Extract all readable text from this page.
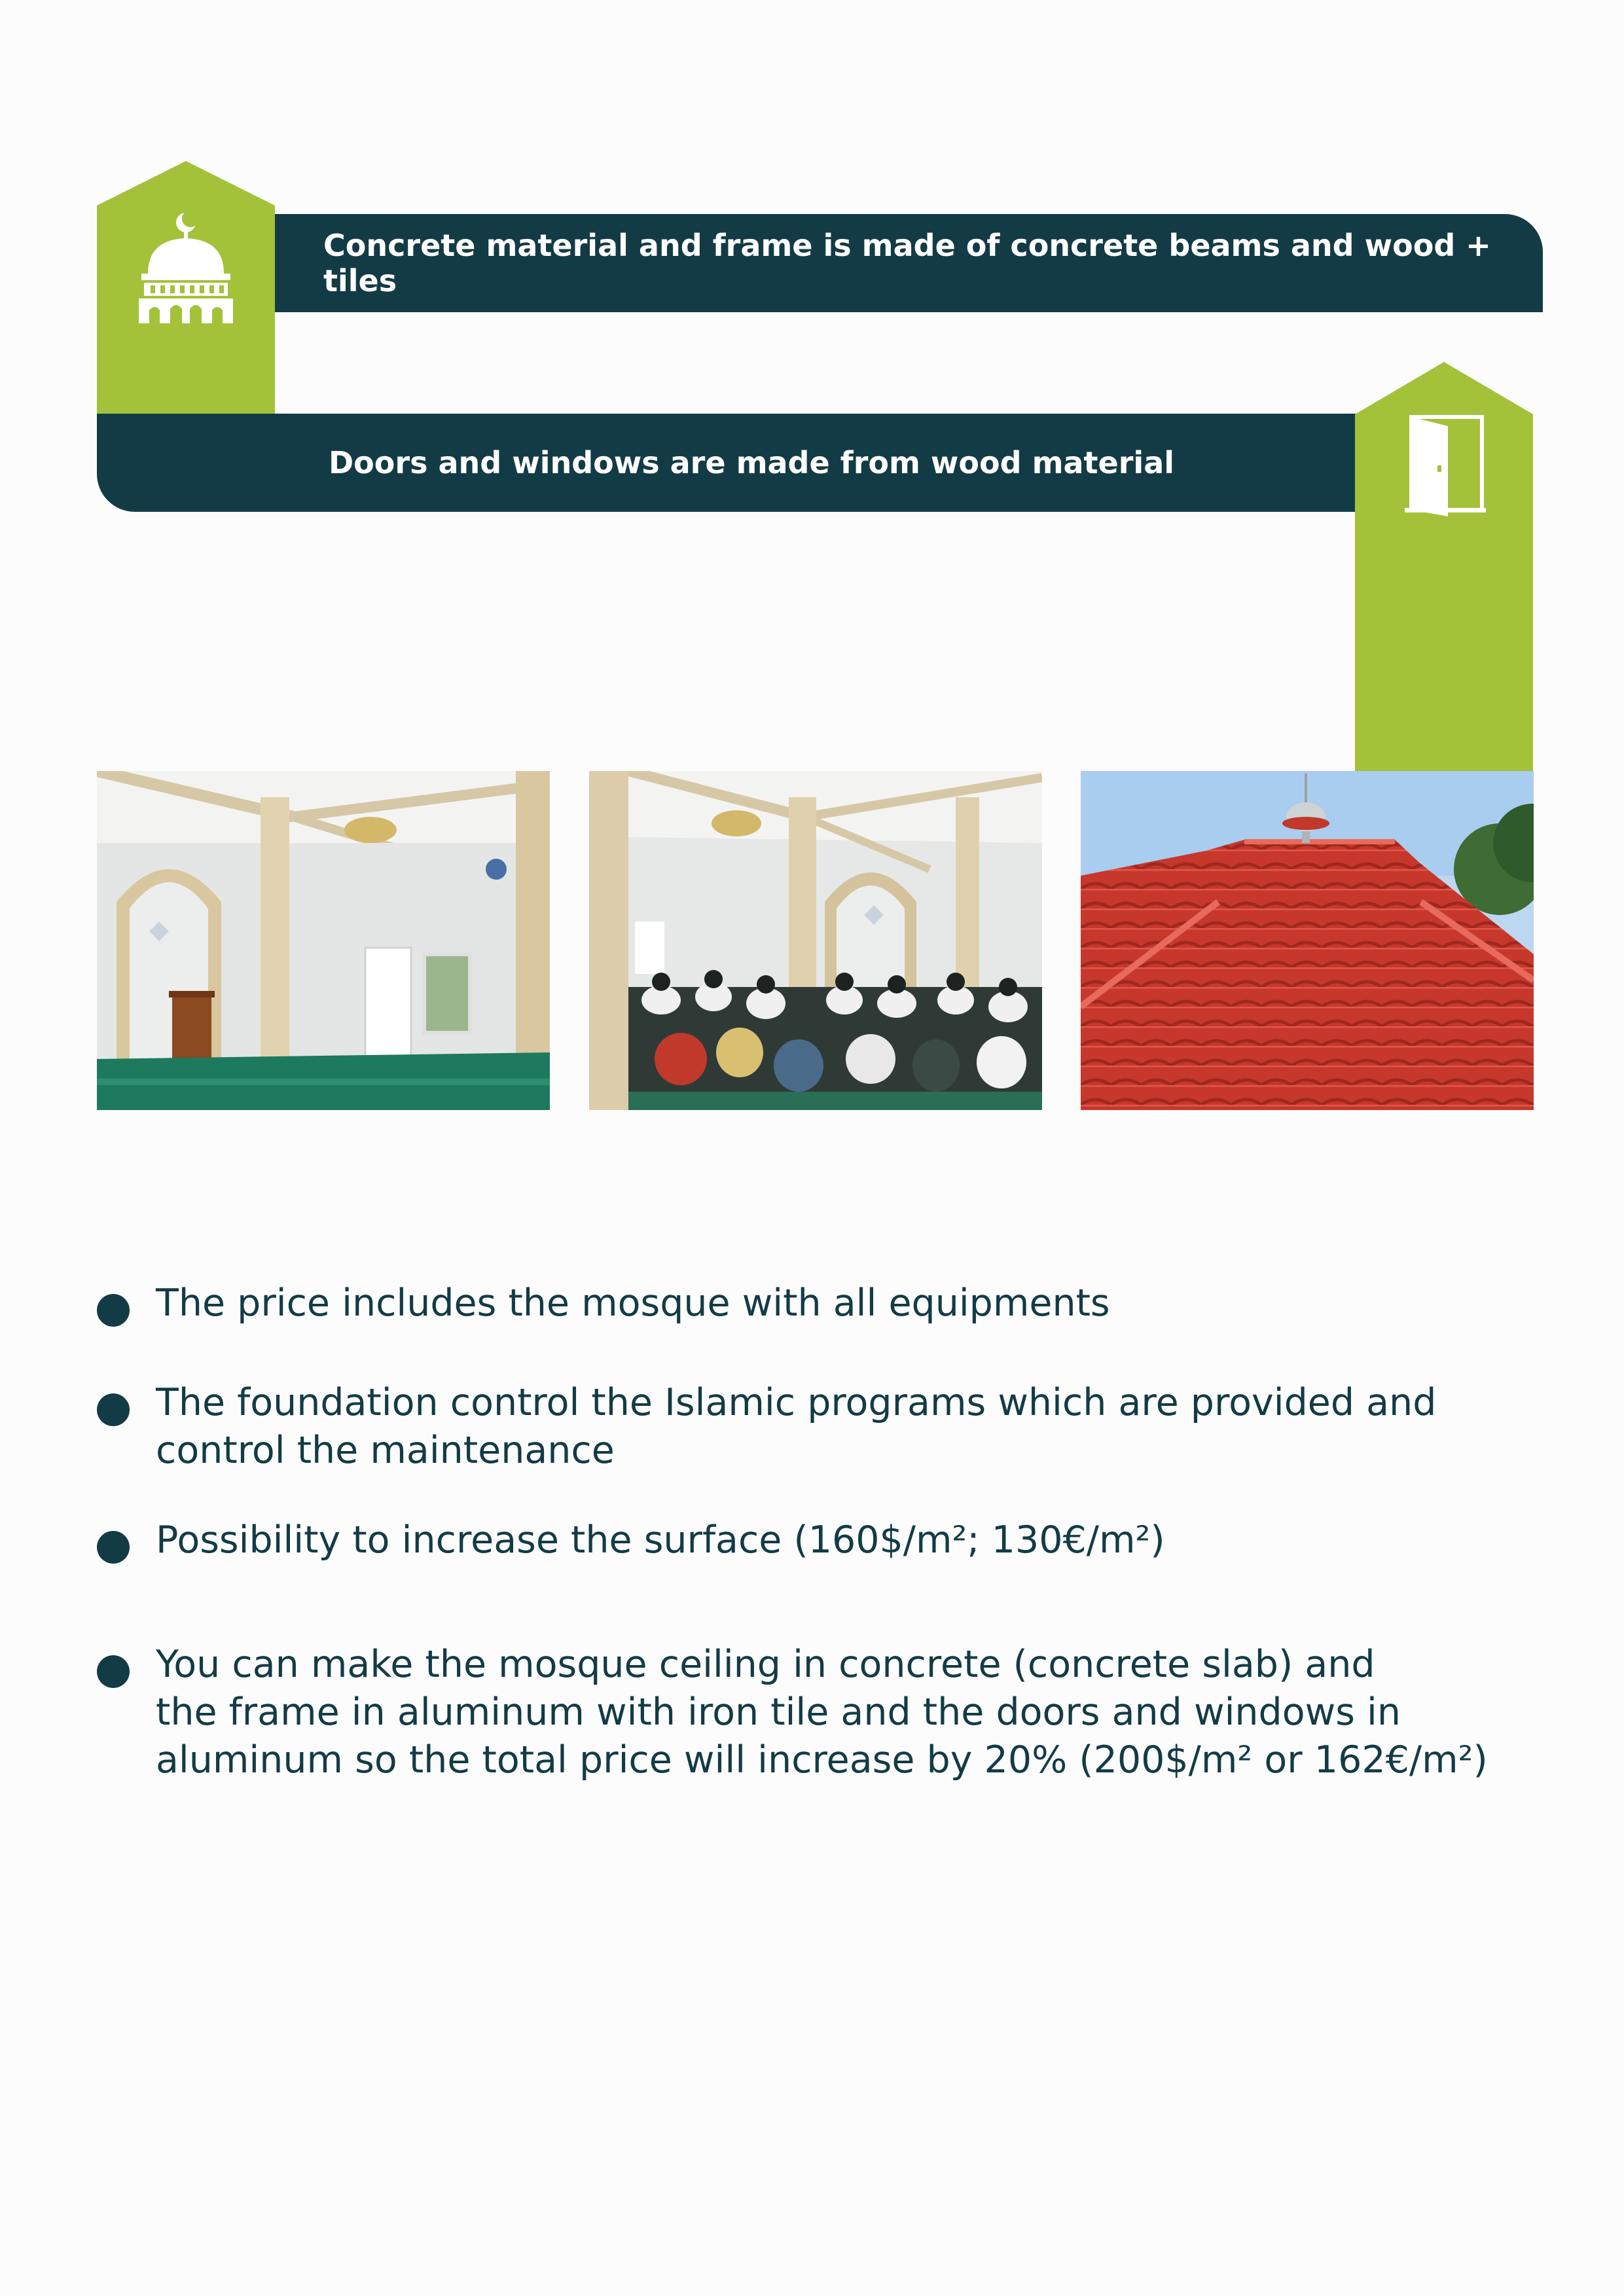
Concrete material and frame is made of concrete beams and wood + tiles
Doors and windows are made from wood material
The price includes the mosque with all equipments
The foundation control the Islamic programs which are provided and
control the maintenance
Possibility to increase the surface (160$/m²; 130€/m²)
You can make the mosque ceiling in concrete (concrete slab) and
the frame in aluminum with iron tile and the doors and windows in
aluminum so the total price will increase by 20% (200$/m² or 162€/m²)
